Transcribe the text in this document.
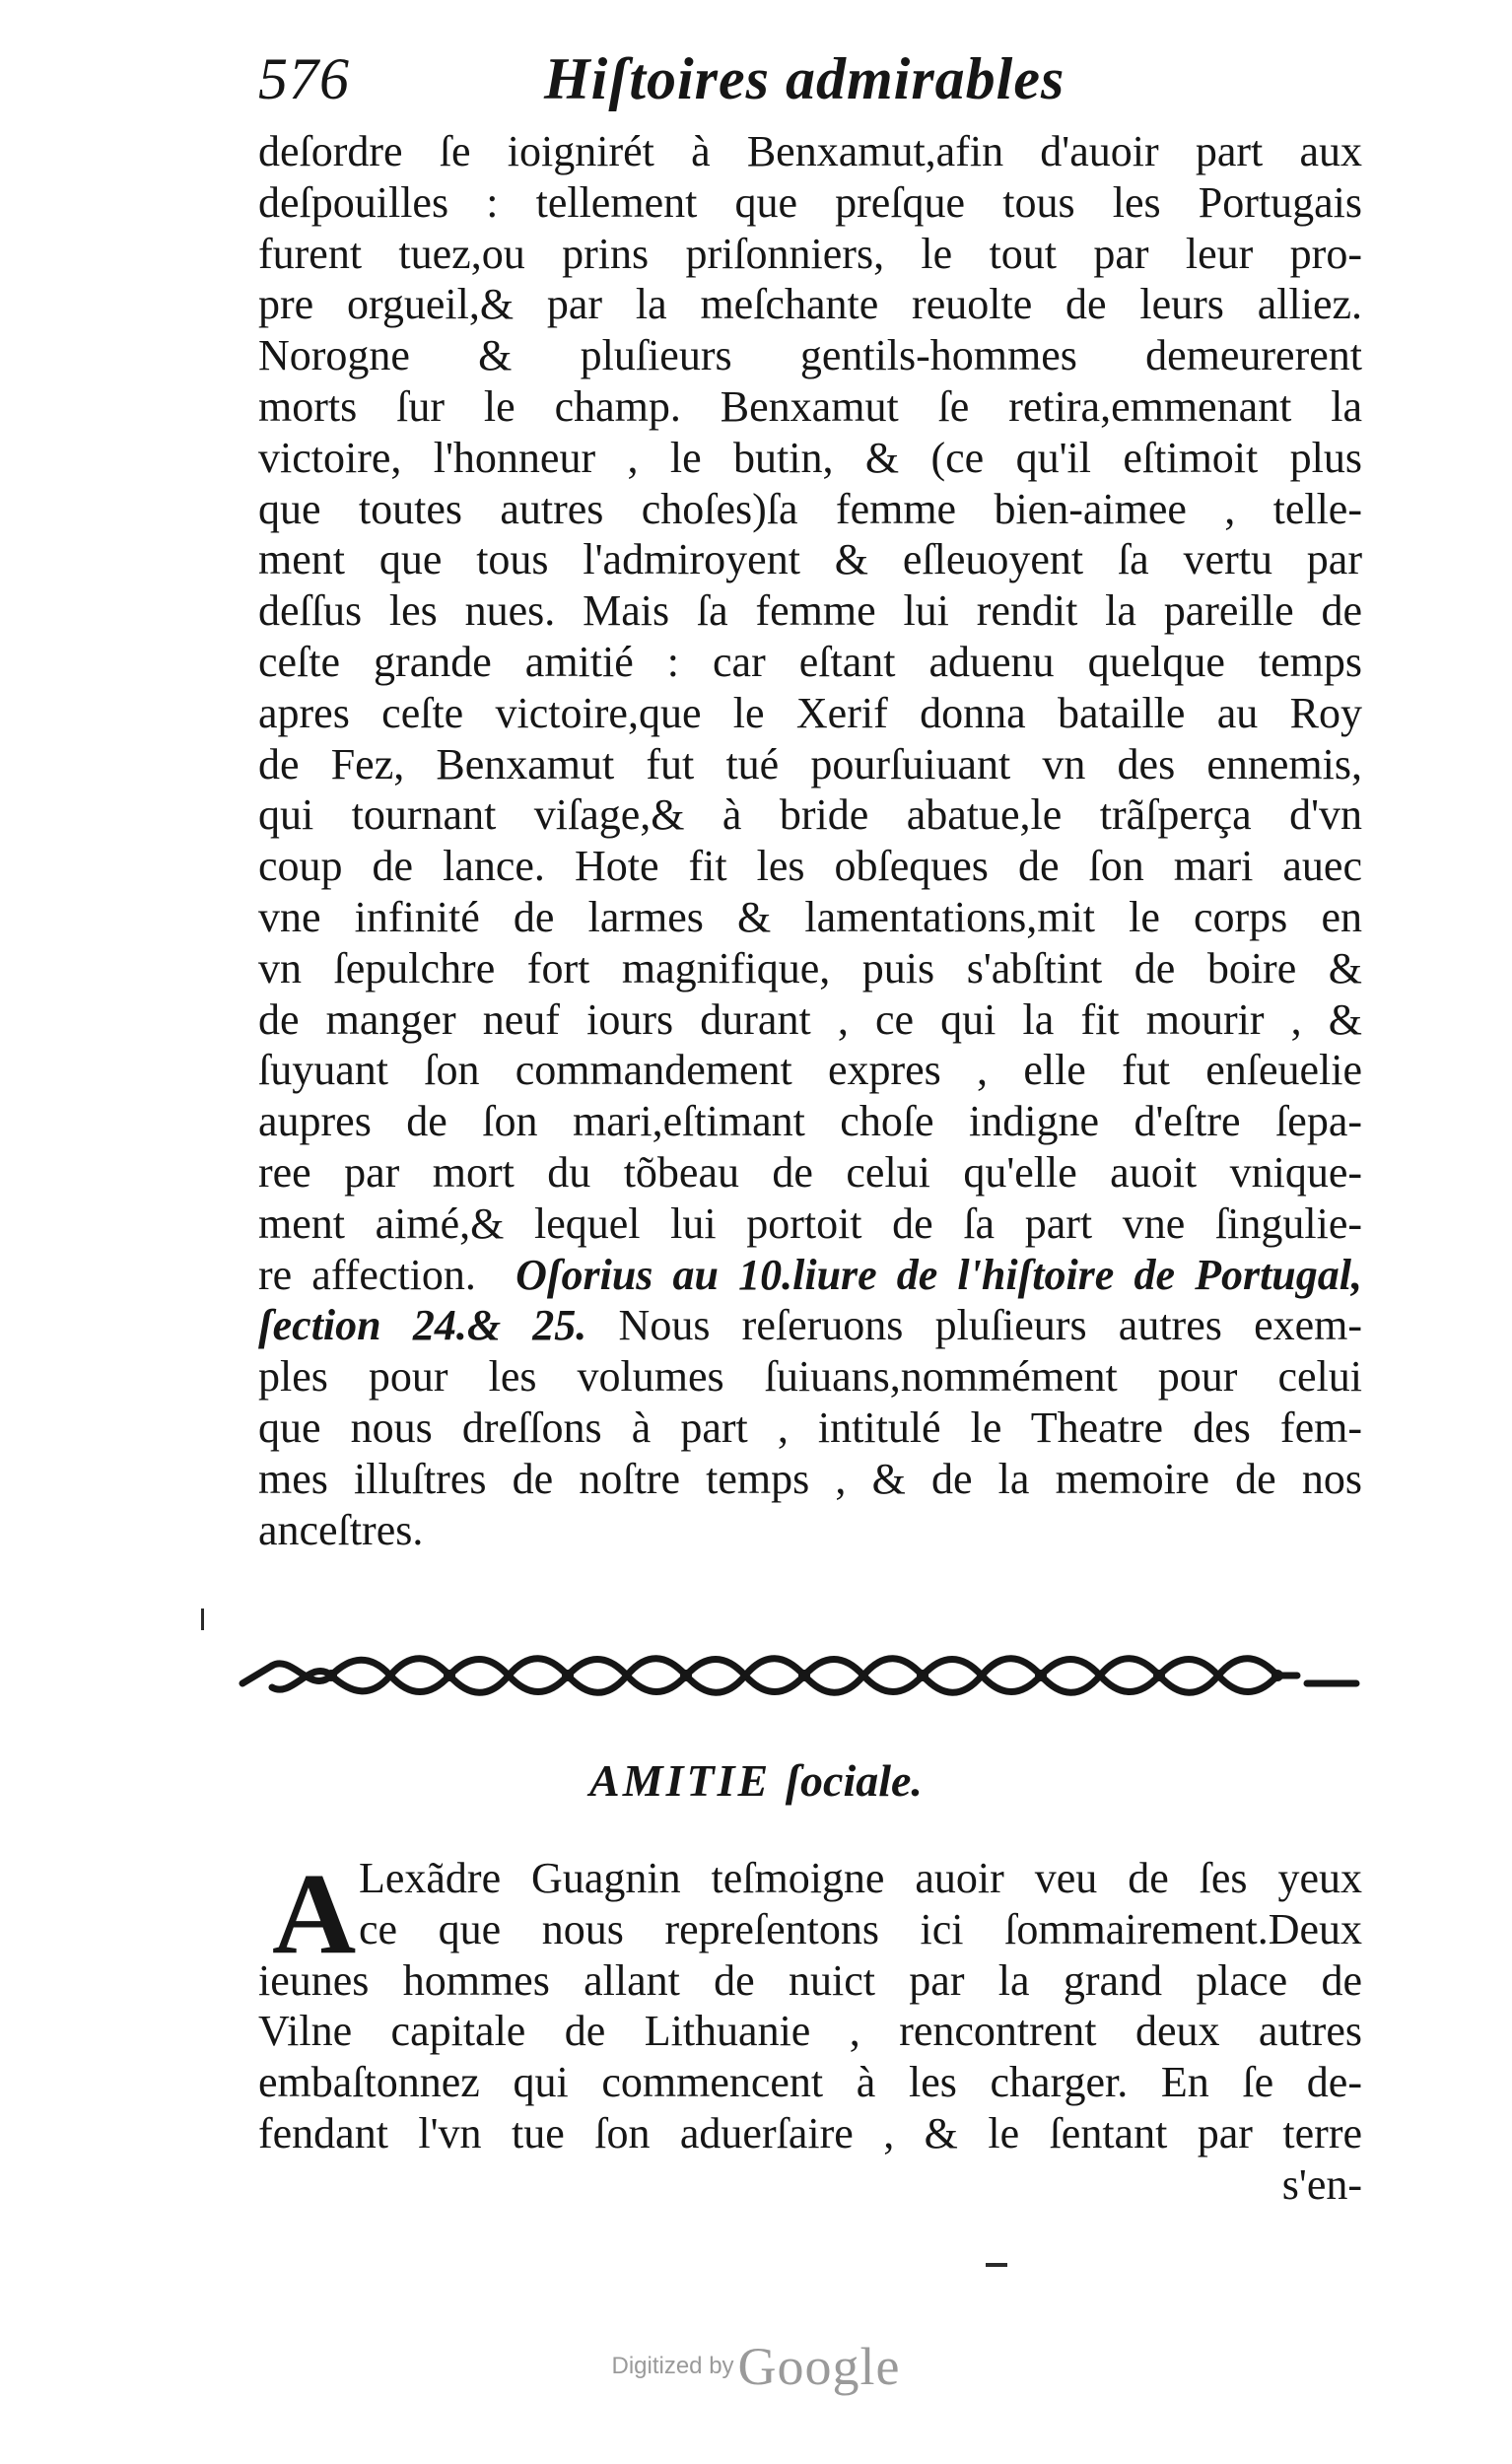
576	Hiſtoires admirables
deſordre ſe ioignirét à Benxamut,afin d'auoir part aux
deſpouilles : tellement que preſque tous les Portugais
furent tuez,ou prins priſonniers, le tout par leur pro-
pre orgueil,& par la meſchante reuolte de leurs alliez.
Norogne & pluſieurs gentils-hommes demeurerent
morts ſur le champ. Benxamut ſe retira,emmenant la
victoire, l'honneur , le butin, & (ce qu'il eſtimoit plus
que toutes autres choſes)ſa femme bien-aimee , telle-
ment que tous l'admiroyent & eſleuoyent ſa vertu par
deſſus les nues. Mais ſa femme lui rendit la pareille de
ceſte grande amitié : car eſtant aduenu quelque temps
apres ceſte victoire,que le Xerif donna bataille au Roy
de Fez, Benxamut fut tué pourſuiuant vn des ennemis,
qui tournant viſage,& à bride abatue,le trãſperça d'vn
coup de lance. Hote fit les obſeques de ſon mari auec
vne infinité de larmes & lamentations,mit le corps en
vn ſepulchre fort magnifique, puis s'abſtint de boire &
de manger neuf iours durant , ce qui la fit mourir , &
ſuyuant ſon commandement expres , elle fut enſeuelie
aupres de ſon mari,eſtimant choſe indigne d'eſtre ſepa-
ree par mort du tõbeau de celui qu'elle auoit vnique-
ment aimé,& lequel lui portoit de ſa part vne ſingulie-
re affection. Oſorius au 10.liure de l'hiſtoire de Portugal,
ſection 24.& 25. Nous reſeruons pluſieurs autres exem-
ples pour les volumes ſuiuans,nommément pour celui
que nous dreſſons à part , intitulé le Theatre des fem-
mes illuſtres de noſtre temps , & de la memoire de nos
anceſtres.
AMITIE ſociale.
A Lexãdre Guagnin teſmoigne auoir veu de ſes yeux
ce que nous repreſentons ici ſommairement.Deux
ieunes hommes allant de nuict par la grand place de
Vilne capitale de Lithuanie , rencontrent deux autres
embaſtonnez qui commencent à les charger. En ſe de-
fendant l'vn tue ſon aduerſaire , & le ſentant par terre
s'en-
Digitized by Google
